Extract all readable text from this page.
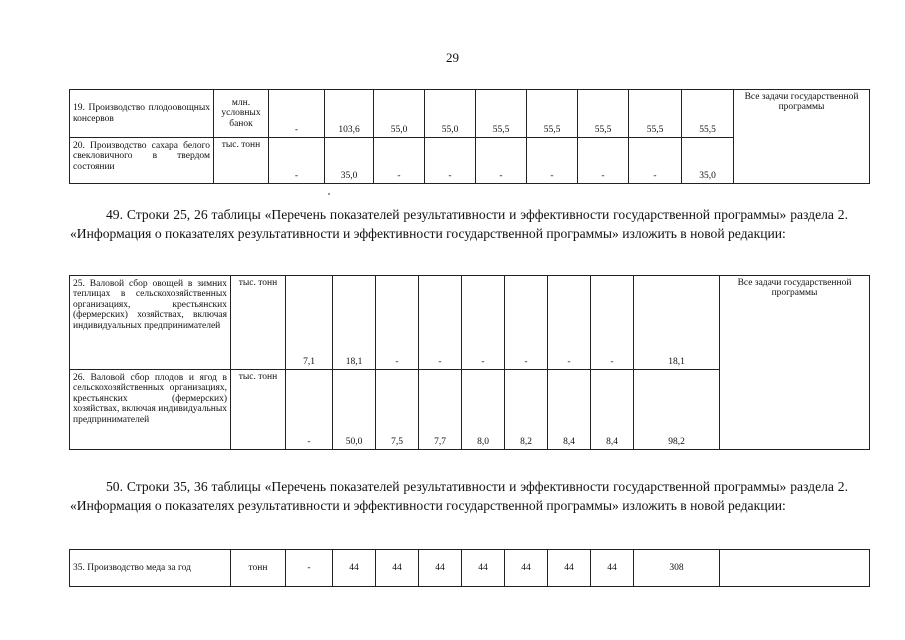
29
19. Производство плодоовощных консервов	млн. условных банок	-	103,6	55,0	55,0	55,5	55,5	55,5	55,5	55,5	Все задачи государственной программы
20. Производство сахара белого свекловичного в твердом состоянии	тыс. тонн	-	35,0	-	-	-	-	-	-	35,0	
49. Строки 25, 26 таблицы «Перечень показателей результативности и эффективности государственной программы» раздела 2. «Информация о показателях результативности и эффективности государственной программы» изложить в новой редакции:
25. Валовой сбор овощей в зимних теплицах в сельскохозяйственных организациях, крестьянских (фермерских) хозяйствах, включая индивидуальных предпринимателей	тыс. тонн	7,1	18,1	-	-	-	-	-	-	18,1	Все задачи государственной программы
26. Валовой сбор плодов и ягод в сельскохозяйственных организациях, крестьянских (фермерских) хозяйствах, включая индивидуальных предпринимателей	тыс. тонн	-	50,0	7,5	7,7	8,0	8,2	8,4	8,4	98,2	
50. Строки 35, 36 таблицы «Перечень показателей результативности и эффективности государственной программы» раздела 2. «Информация о показателях результативности и эффективности государственной программы» изложить в новой редакции:
35. Производство меда за год	тонн	-	44	44	44	44	44	44	44	308	
